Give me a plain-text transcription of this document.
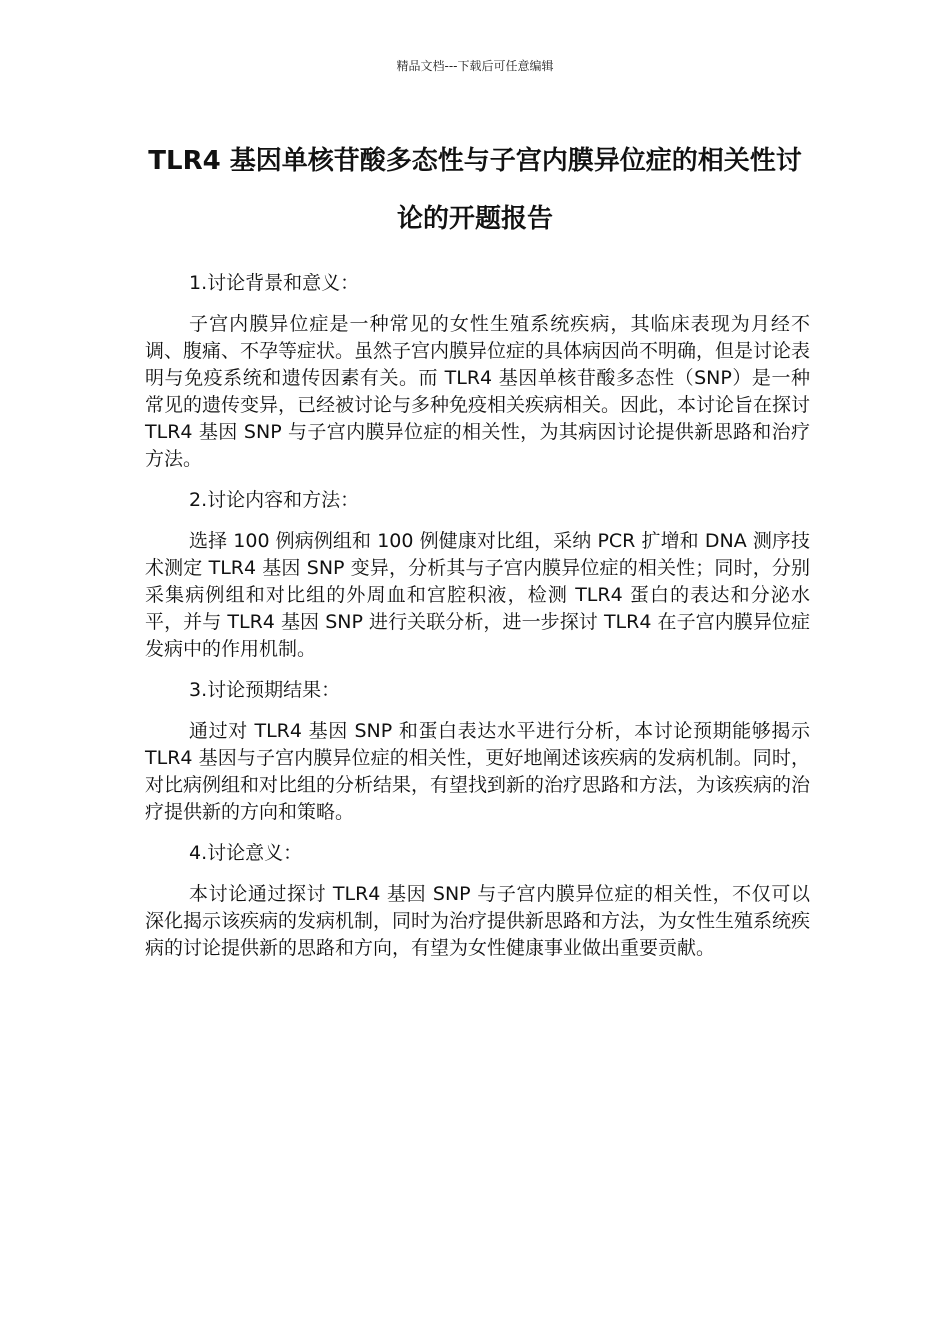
精品文档---下载后可任意编辑
TLR4 基因单核苷酸多态性与子宫内膜异位症的相关性讨论的开题报告

1.讨论背景和意义：

子宫内膜异位症是一种常见的女性生殖系统疾病，其临床表现为月经不调、腹痛、不孕等症状。虽然子宫内膜异位症的具体病因尚不明确，但是讨论表明与免疫系统和遗传因素有关。而 TLR4 基因单核苷酸多态性（SNP）是一种常见的遗传变异，已经被讨论与多种免疫相关疾病相关。因此，本讨论旨在探讨 TLR4 基因 SNP 与子宫内膜异位症的相关性，为其病因讨论提供新思路和治疗方法。

2.讨论内容和方法：

选择 100 例病例组和 100 例健康对比组，采纳 PCR 扩增和 DNA 测序技术测定 TLR4 基因 SNP 变异，分析其与子宫内膜异位症的相关性；同时，分别采集病例组和对比组的外周血和宫腔积液，检测 TLR4 蛋白的表达和分泌水平，并与 TLR4 基因 SNP 进行关联分析，进一步探讨 TLR4 在子宫内膜异位症发病中的作用机制。

3.讨论预期结果：

通过对 TLR4 基因 SNP 和蛋白表达水平进行分析，本讨论预期能够揭示 TLR4 基因与子宫内膜异位症的相关性，更好地阐述该疾病的发病机制。同时，对比病例组和对比组的分析结果，有望找到新的治疗思路和方法，为该疾病的治疗提供新的方向和策略。

4.讨论意义：

本讨论通过探讨 TLR4 基因 SNP 与子宫内膜异位症的相关性，不仅可以深化揭示该疾病的发病机制，同时为治疗提供新思路和方法，为女性生殖系统疾病的讨论提供新的思路和方向，有望为女性健康事业做出重要贡献。
